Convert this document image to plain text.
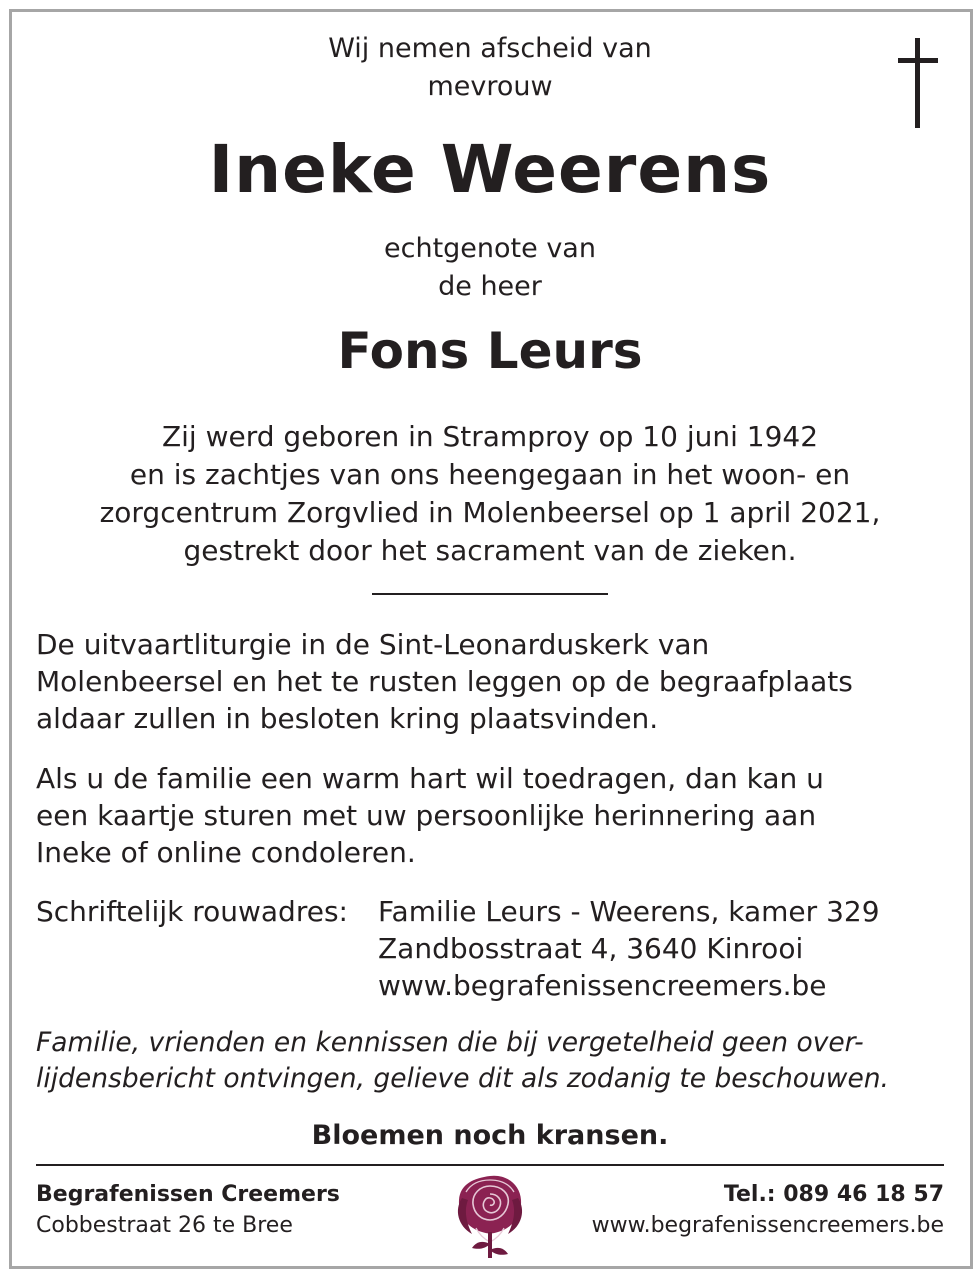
Wij nemen afscheid van
mevrouw
Ineke Weerens
echtgenote van
de heer
Fons Leurs
Zij werd geboren in Stramproy op 10 juni 1942
en is zachtjes van ons heengegaan in het woon- en
zorgcentrum Zorgvlied in Molenbeersel op 1 april 2021,
gestrekt door het sacrament van de zieken.
De uitvaartliturgie in de Sint-Leonarduskerk van
Molenbeersel en het te rusten leggen op de begraafplaats
aldaar zullen in besloten kring plaatsvinden.
Als u de familie een warm hart wil toedragen, dan kan u
een kaartje sturen met uw persoonlijke herinnering aan
Ineke of online condoleren.
Schriftelijk rouwadres: Familie Leurs - Weerens, kamer 329
Zandbosstraat 4, 3640 Kinrooi
www.begrafenissencreemers.be
Familie, vrienden en kennissen die bij vergetelheid geen over-
lijdensbericht ontvingen, gelieve dit als zodanig te beschouwen.
Bloemen noch kransen.
Begrafenissen Creemers
Cobbestraat 26 te Bree
Tel.: 089 46 18 57
www.begrafenissencreemers.be
